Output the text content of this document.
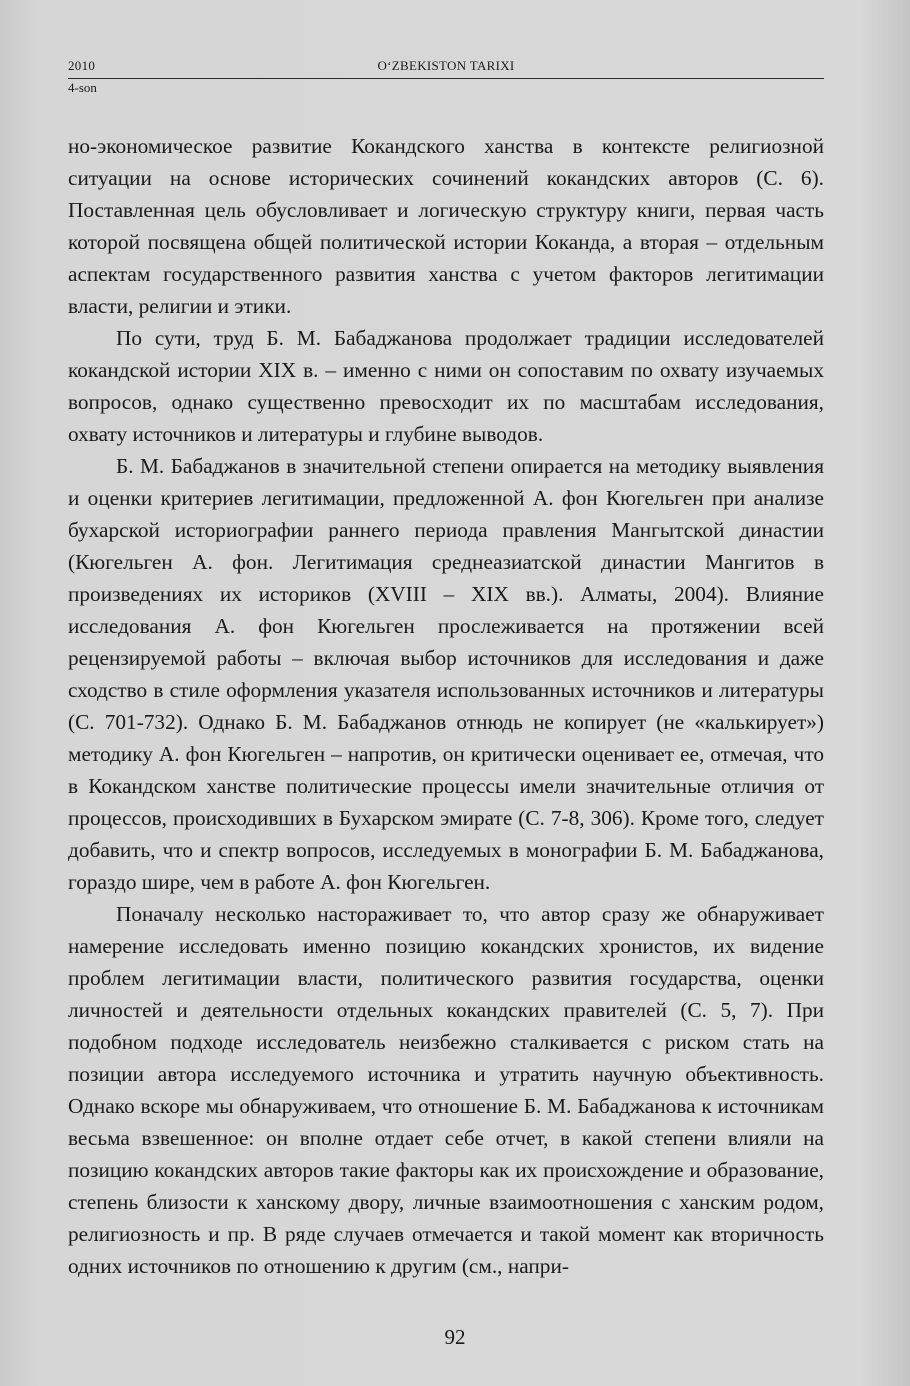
2010	O‘ZBEKISTON TARIXI
4-son

но-экономическое развитие Кокандского ханства в контексте религиозной ситуации на основе исторических сочинений кокандских авторов (С. 6). Поставленная цель обусловливает и логическую структуру книги, первая часть которой посвящена общей политической истории Коканда, а вторая – отдельным аспектам государственного развития ханства с учетом факторов легитимации власти, религии и этики.

По сути, труд Б. М. Бабаджанова продолжает традиции исследователей кокандской истории XIX в. – именно с ними он сопоставим по охвату изучаемых вопросов, однако существенно превосходит их по масштабам исследования, охвату источников и литературы и глубине выводов.

Б. М. Бабаджанов в значительной степени опирается на методику выявления и оценки критериев легитимации, предложенной А. фон Кюгельген при анализе бухарской историографии раннего периода правления Мангытской династии (Кюгельген А. фон. Легитимация среднеазиатской династии Мангитов в произведениях их историков (XVIII – XIX вв.). Алматы, 2004). Влияние исследования А. фон Кюгельген прослеживается на протяжении всей рецензируемой работы – включая выбор источников для исследования и даже сходство в стиле оформления указателя использованных источников и литературы (С. 701-732). Однако Б. М. Бабаджанов отнюдь не копирует (не «калькирует») методику А. фон Кюгельген – напротив, он критически оценивает ее, отмечая, что в Кокандском ханстве политические процессы имели значительные отличия от процессов, происходивших в Бухарском эмирате (С. 7-8, 306). Кроме того, следует добавить, что и спектр вопросов, исследуемых в монографии Б. М. Бабаджанова, гораздо шире, чем в работе А. фон Кюгельген.

Поначалу несколько настораживает то, что автор сразу же обнаруживает намерение исследовать именно позицию кокандских хронистов, их видение проблем легитимации власти, политического развития государства, оценки личностей и деятельности отдельных кокандских правителей (С. 5, 7). При подобном подходе исследователь неизбежно сталкивается с риском стать на позиции автора исследуемого источника и утратить научную объективность. Однако вскоре мы обнаруживаем, что отношение Б. М. Бабаджанова к источникам весьма взвешенное: он вполне отдает себе отчет, в какой степени влияли на позицию кокандских авторов такие факторы как их происхождение и образование, степень близости к ханскому двору, личные взаимоотношения с ханским родом, религиозность и пр. В ряде случаев отмечается и такой момент как вторичность одних источников по отношению к другим (см., напри-

92
